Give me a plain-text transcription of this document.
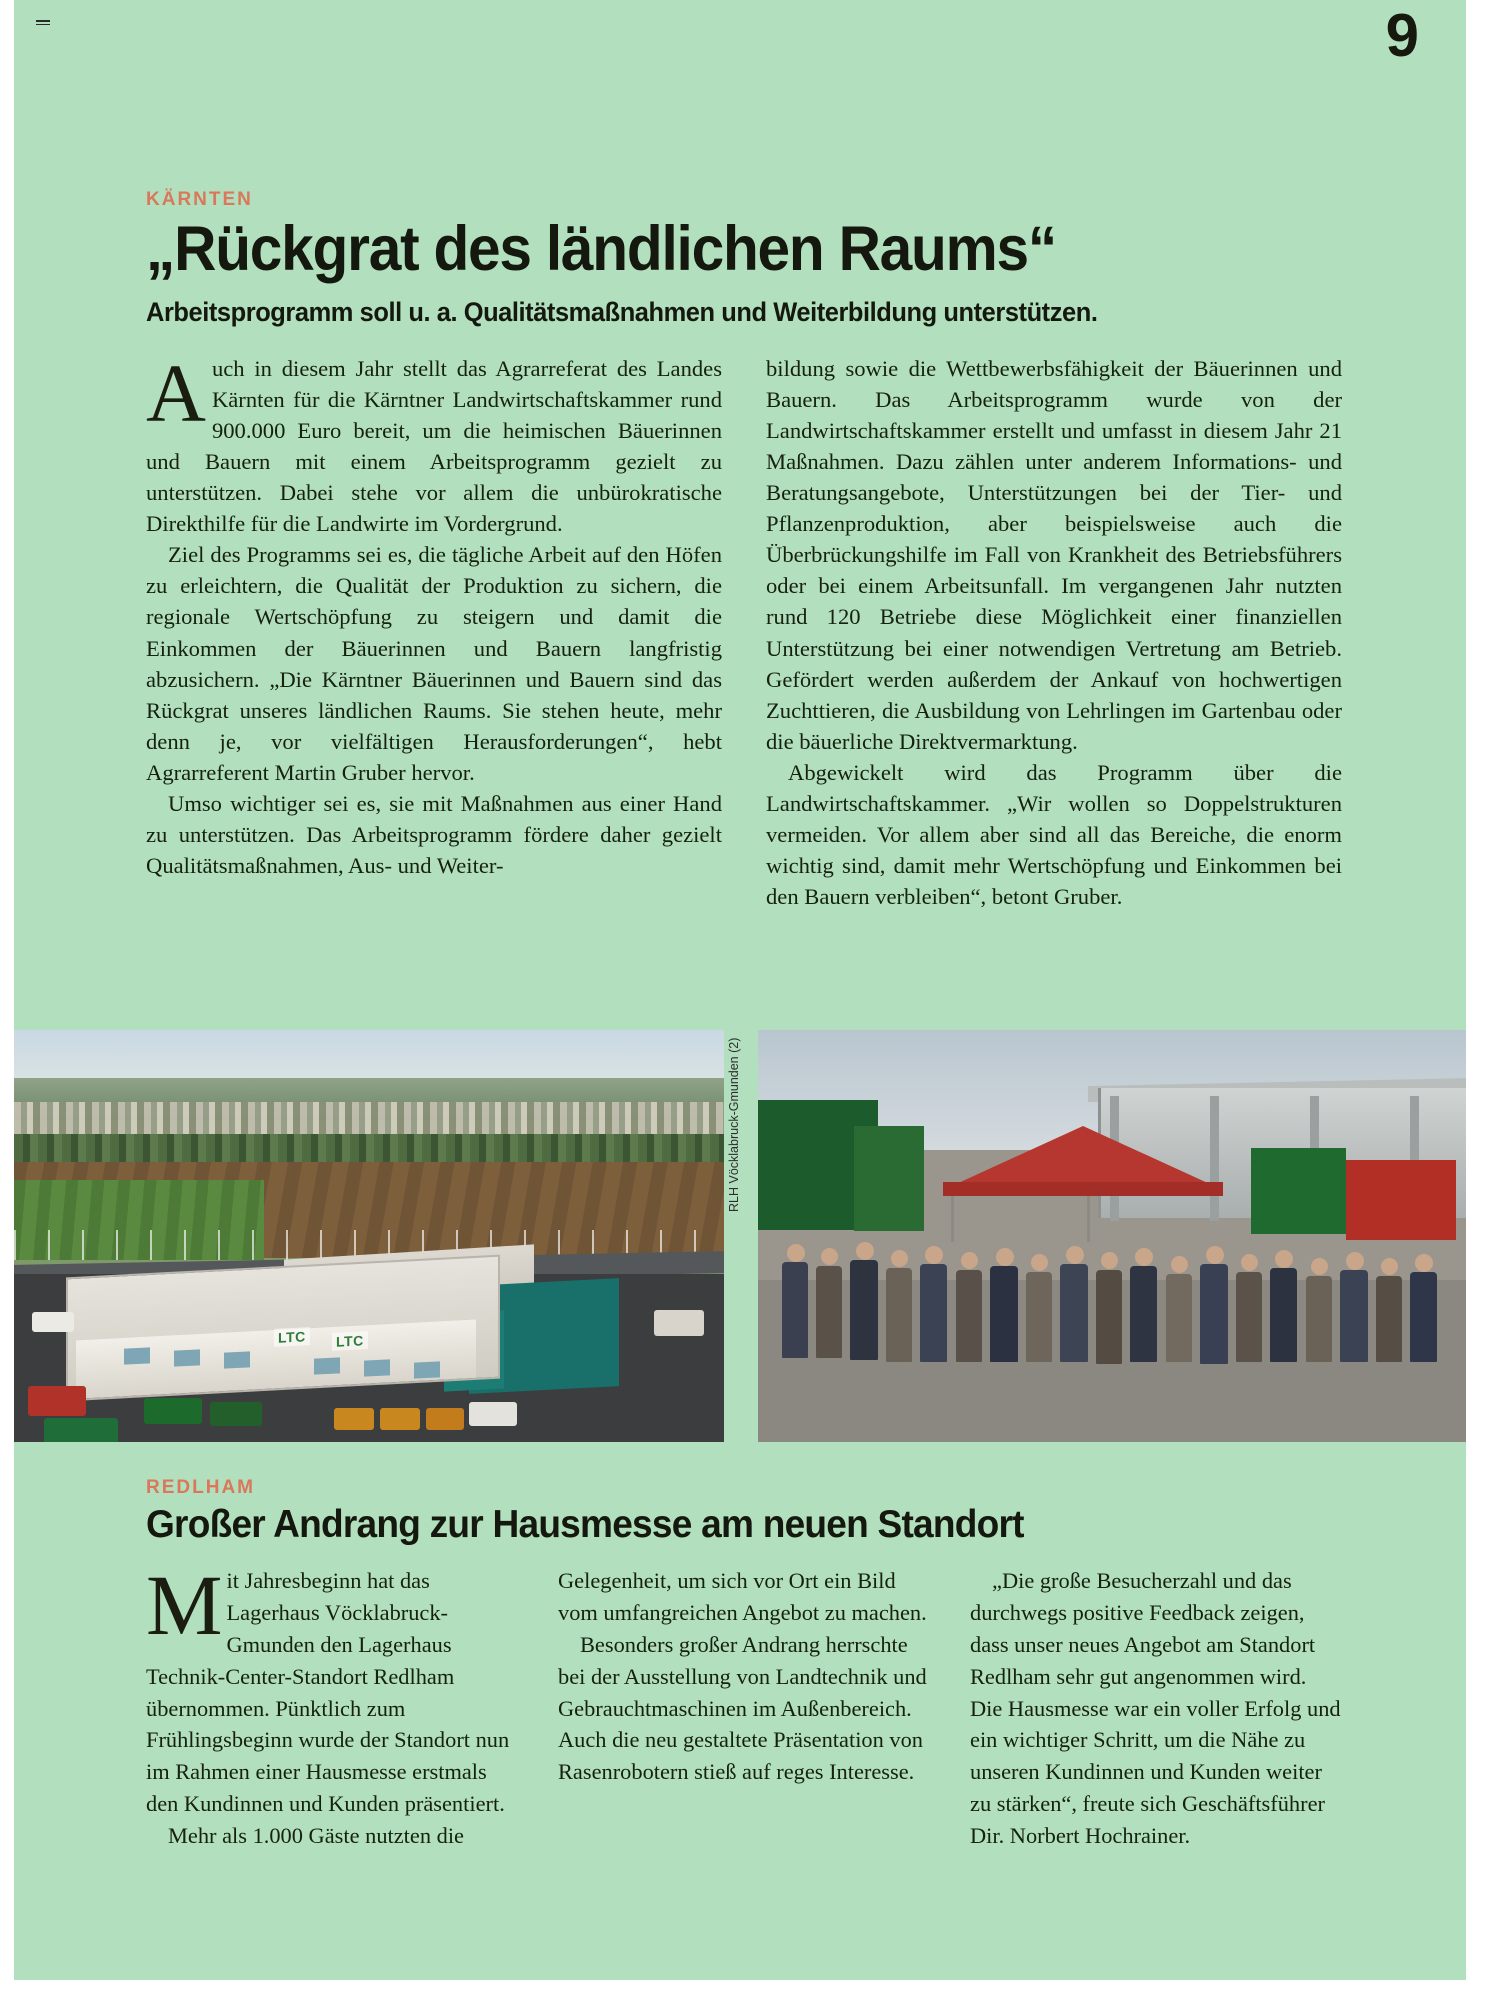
9
KÄRNTEN
„Rückgrat des ländlichen Raums“
Arbeitsprogramm soll u. a. Qualitätsmaßnahmen und Weiterbildung unterstützen.

Auch in diesem Jahr stellt das Agrarreferat des Landes Kärnten für die Kärntner Landwirtschaftskammer rund 900.000 Euro bereit, um die heimischen Bäuerinnen und Bauern mit einem Arbeitsprogramm gezielt zu unterstützen. Dabei stehe vor allem die unbürokratische Direkthilfe für die Landwirte im Vordergrund.

Ziel des Programms sei es, die tägliche Arbeit auf den Höfen zu erleichtern, die Qualität der Produktion zu sichern, die regionale Wertschöpfung zu steigern und damit die Einkommen der Bäuerinnen und Bauern langfristig abzusichern. „Die Kärntner Bäuerinnen und Bauern sind das Rückgrat unseres ländlichen Raums. Sie stehen heute, mehr denn je, vor vielfältigen Herausforderungen“, hebt Agrarreferent Martin Gruber hervor.

Umso wichtiger sei es, sie mit Maßnahmen aus einer Hand zu unterstützen. Das Arbeitsprogramm fördere daher gezielt Qualitätsmaßnahmen, Aus- und Weiter-

bildung sowie die Wettbewerbsfähigkeit der Bäuerinnen und Bauern. Das Arbeitsprogramm wurde von der Landwirtschaftskammer erstellt und umfasst in diesem Jahr 21 Maßnahmen. Dazu zählen unter anderem Informations- und Beratungsangebote, Unterstützungen bei der Tier- und Pflanzenproduktion, aber beispielsweise auch die Überbrückungshilfe im Fall von Krankheit des Betriebsführers oder bei einem Arbeitsunfall. Im vergangenen Jahr nutzten rund 120 Betriebe diese Möglichkeit einer finanziellen Unterstützung bei einer notwendigen Vertretung am Betrieb. Gefördert werden außerdem der Ankauf von hochwertigen Zuchttieren, die Ausbildung von Lehrlingen im Gartenbau oder die bäuerliche Direktvermarktung.

Abgewickelt wird das Programm über die Landwirtschaftskammer. „Wir wollen so Doppelstrukturen vermeiden. Vor allem aber sind all das Bereiche, die enorm wichtig sind, damit mehr Wertschöpfung und Einkommen bei den Bauern verbleiben“, betont Gruber.

LTC LTC
RLH Vöcklabruck-Gmunden (2)
REDLHAM
Großer Andrang zur Hausmesse am neuen Standort

Mit Jahresbeginn hat das Lagerhaus Vöcklabruck-Gmunden den Lagerhaus Technik-Center-Standort Redlham übernommen. Pünktlich zum Frühlingsbeginn wurde der Standort nun im Rahmen einer Hausmesse erstmals den Kundinnen und Kunden präsentiert.

Mehr als 1.000 Gäste nutzten die

Gelegenheit, um sich vor Ort ein Bild vom umfangreichen Angebot zu machen.

Besonders großer Andrang herrschte bei der Ausstellung von Landtechnik und Gebrauchtmaschinen im Außenbereich. Auch die neu gestaltete Präsentation von Rasenrobotern stieß auf reges Interesse.

„Die große Besucherzahl und das durchwegs positive Feedback zeigen, dass unser neues Angebot am Standort Redlham sehr gut angenommen wird. Die Hausmesse war ein voller Erfolg und ein wichtiger Schritt, um die Nähe zu unseren Kundinnen und Kunden weiter zu stärken“, freute sich Geschäftsführer Dir. Norbert Hochrainer.
